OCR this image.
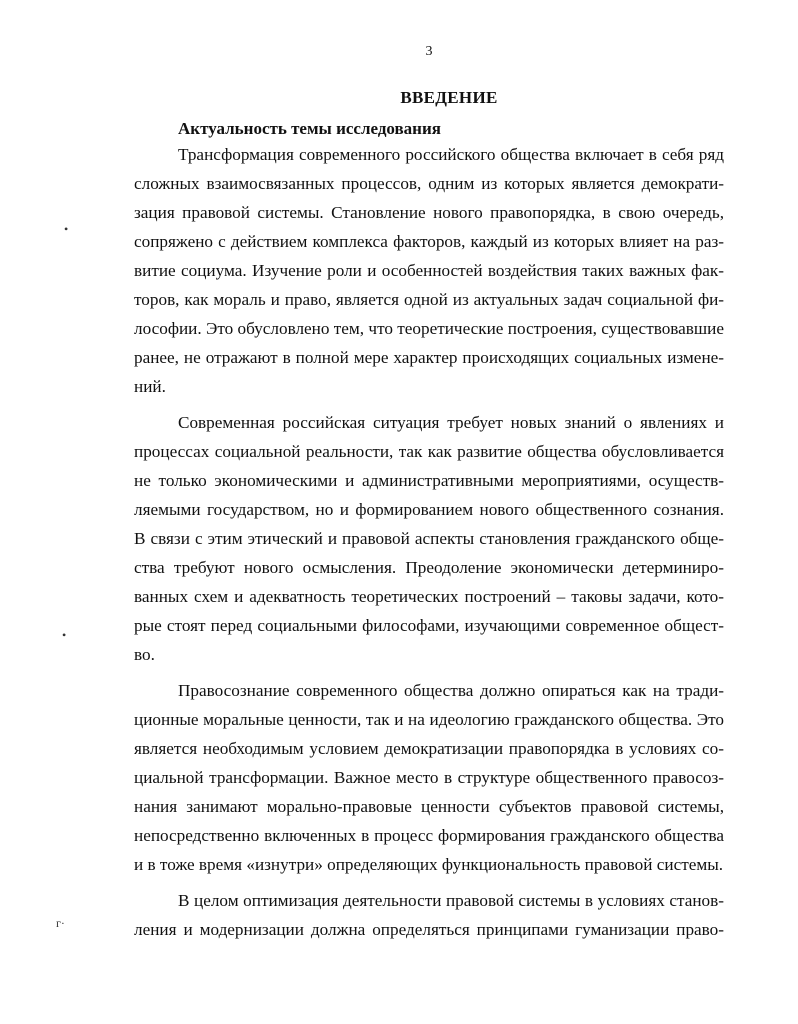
3
ВВЕДЕНИЕ
Актуальность темы исследования
Трансформация современного российского общества включает в себя ряд
сложных взаимосвязанных процессов, одним из которых является демократи-
зация правовой системы. Становление нового правопорядка, в свою очередь,
сопряжено с действием комплекса факторов, каждый из которых влияет на раз-
витие социума. Изучение роли и особенностей воздействия таких важных фак-
торов, как мораль и право, является одной из актуальных задач социальной фи-
лософии. Это обусловлено тем, что теоретические построения, существовавшие
ранее, не отражают в полной мере характер происходящих социальных измене-
ний.
Современная российская ситуация требует новых знаний о явлениях и
процессах социальной реальности, так как развитие общества обусловливается
не только экономическими и административными мероприятиями, осуществ-
ляемыми государством, но и формированием нового общественного сознания.
В связи с этим этический и правовой аспекты становления гражданского обще-
ства требуют нового осмысления. Преодоление экономически детерминиро-
ванных схем и адекватность теоретических построений – таковы задачи, кото-
рые стоят перед социальными философами, изучающими современное общест-
во.
Правосознание современного общества должно опираться как на тради-
ционные моральные ценности, так и на идеологию гражданского общества. Это
является необходимым условием демократизации правопорядка в условиях со-
циальной трансформации. Важное место в структуре общественного правосоз-
нания занимают морально-правовые ценности субъектов правовой системы,
непосредственно включенных в процесс формирования гражданского общества
и в тоже время «изнутри» определяющих функциональность правовой системы.
В целом оптимизация деятельности правовой системы в условиях станов-
ления и модернизации должна определяться принципами гуманизации право-
•
•
г·
